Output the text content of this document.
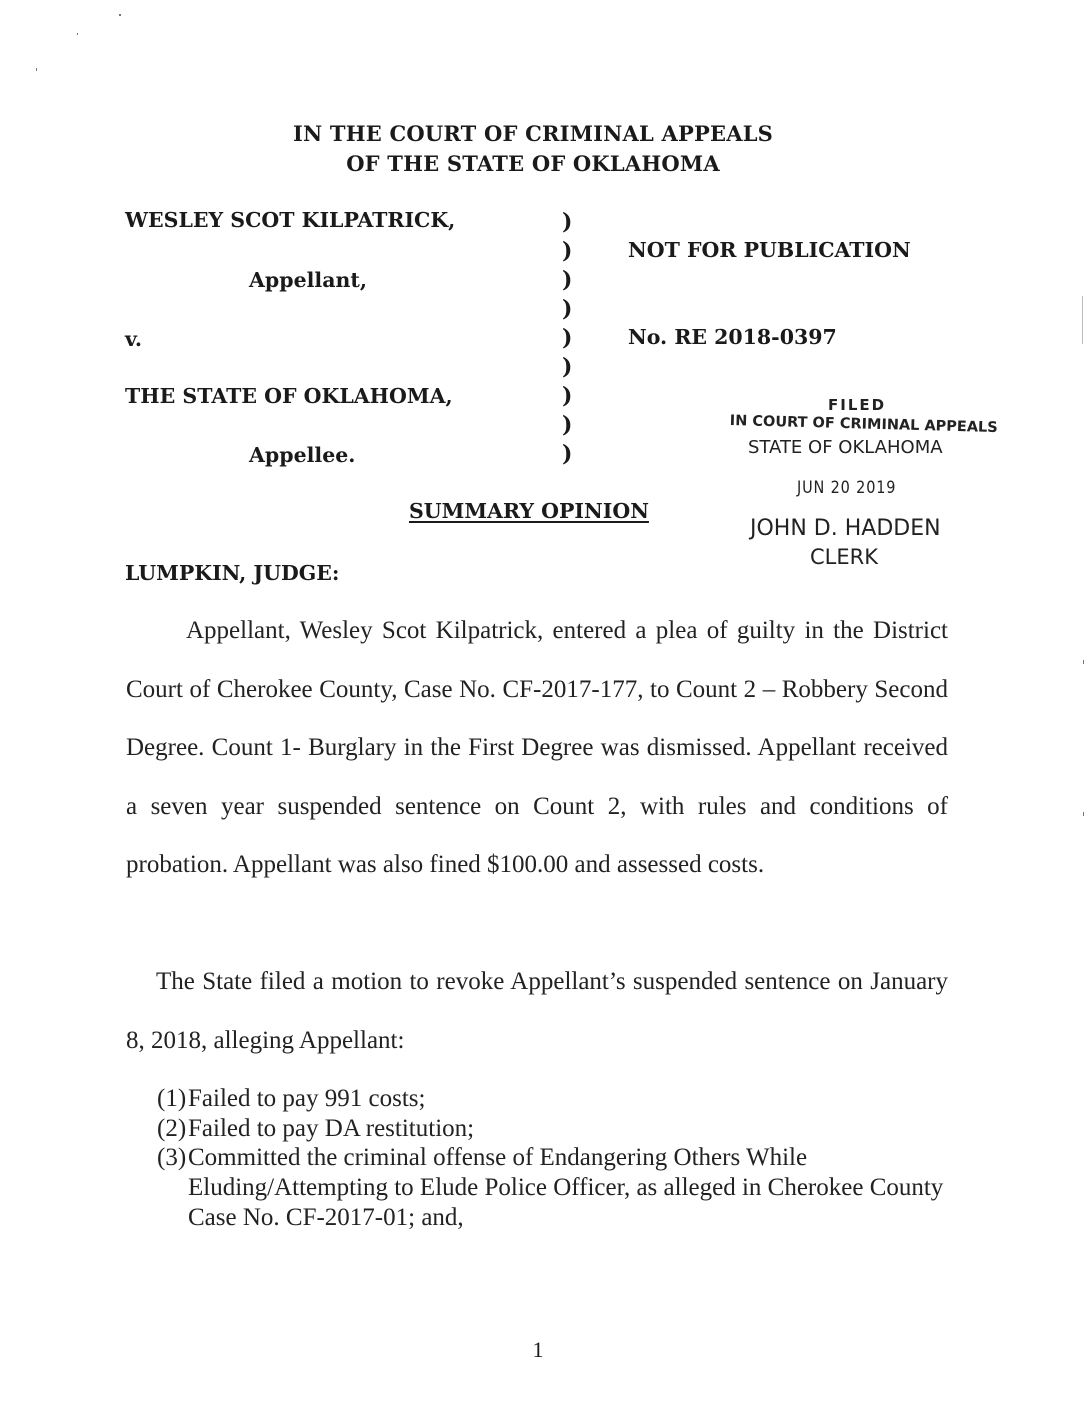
IN THE COURT OF CRIMINAL APPEALS
OF THE STATE OF OKLAHOMA
WESLEY SCOT KILPATRICK,
Appellant,
v.
THE STATE OF OKLAHOMA,
Appellee.
)
)
)
)
)
)
)
)
)
NOT FOR PUBLICATION
No. RE 2018-0397
FILED
IN COURT OF CRIMINAL APPEALS
STATE OF OKLAHOMA
JUN 20 2019
JOHN D. HADDEN
CLERK
SUMMARY OPINION
LUMPKIN, JUDGE:
Appellant, Wesley Scot Kilpatrick, entered a plea of guilty in the District Court of Cherokee County, Case No. CF-2017-177, to Count 2 – Robbery Second Degree. Count 1- Burglary in the First Degree was dismissed. Appellant received a seven year suspended sentence on Count 2, with rules and conditions of probation. Appellant was also fined $100.00 and assessed costs.
The State filed a motion to revoke Appellant’s suspended sentence on January 8, 2018, alleging Appellant:
(1) Failed to pay 991 costs;
(2) Failed to pay DA restitution;
(3) Committed the criminal offense of Endangering Others While Eluding/Attempting to Elude Police Officer, as alleged in Cherokee County Case No. CF-2017-01; and,
1
